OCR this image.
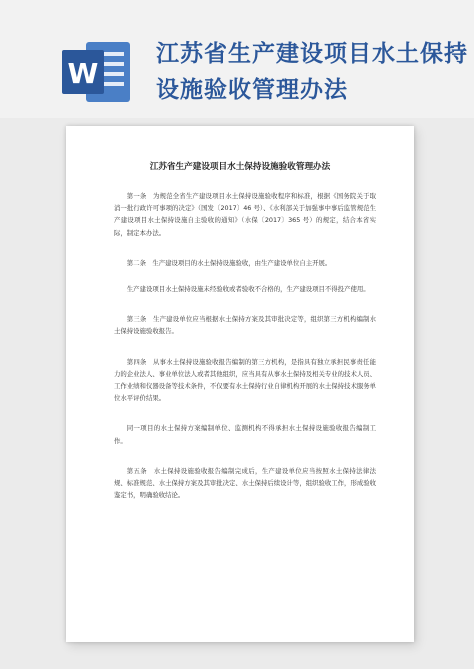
W
江苏省生产建设项目水土保持
设施验收管理办法
江苏省生产建设项目水土保持设施验收管理办法

第一条　为规范全省生产建设项目水土保持设施验收程序和标准，根据《国务院关于取消一批行政许可事项的决定》（国发〔2017〕46 号）、《水利部关于加强事中事后监管规范生产建设项目水土保持设施自主验收的通知》（水保〔2017〕365 号）的规定，结合本省实际，制定本办法。

第二条　生产建设项目的水土保持设施验收，由生产建设单位自主开展。

生产建设项目水土保持设施未经验收或者验收不合格的，生产建设项目不得投产使用。

第三条　生产建设单位应当根据水土保持方案及其审批决定等，组织第三方机构编制水土保持设施验收报告。

第四条　从事水土保持设施验收报告编制的第三方机构，是指具有独立承担民事责任能力的企业法人、事业单位法人或者其他组织，应当具有从事水土保持及相关专业的技术人员、工作业绩和仪器设备等技术条件，不仅要有水土保持行业自律机构开展的水土保持技术服务单位水平评价结果。

同一项目的水土保持方案编制单位、监测机构不得承担水土保持设施验收报告编制工作。

第五条　水土保持设施验收报告编制完成后，生产建设单位应当按照水土保持法律法规、标准规范、水土保持方案及其审批决定、水土保持后续设计等，组织验收工作，形成验收鉴定书，明确验收结论。
